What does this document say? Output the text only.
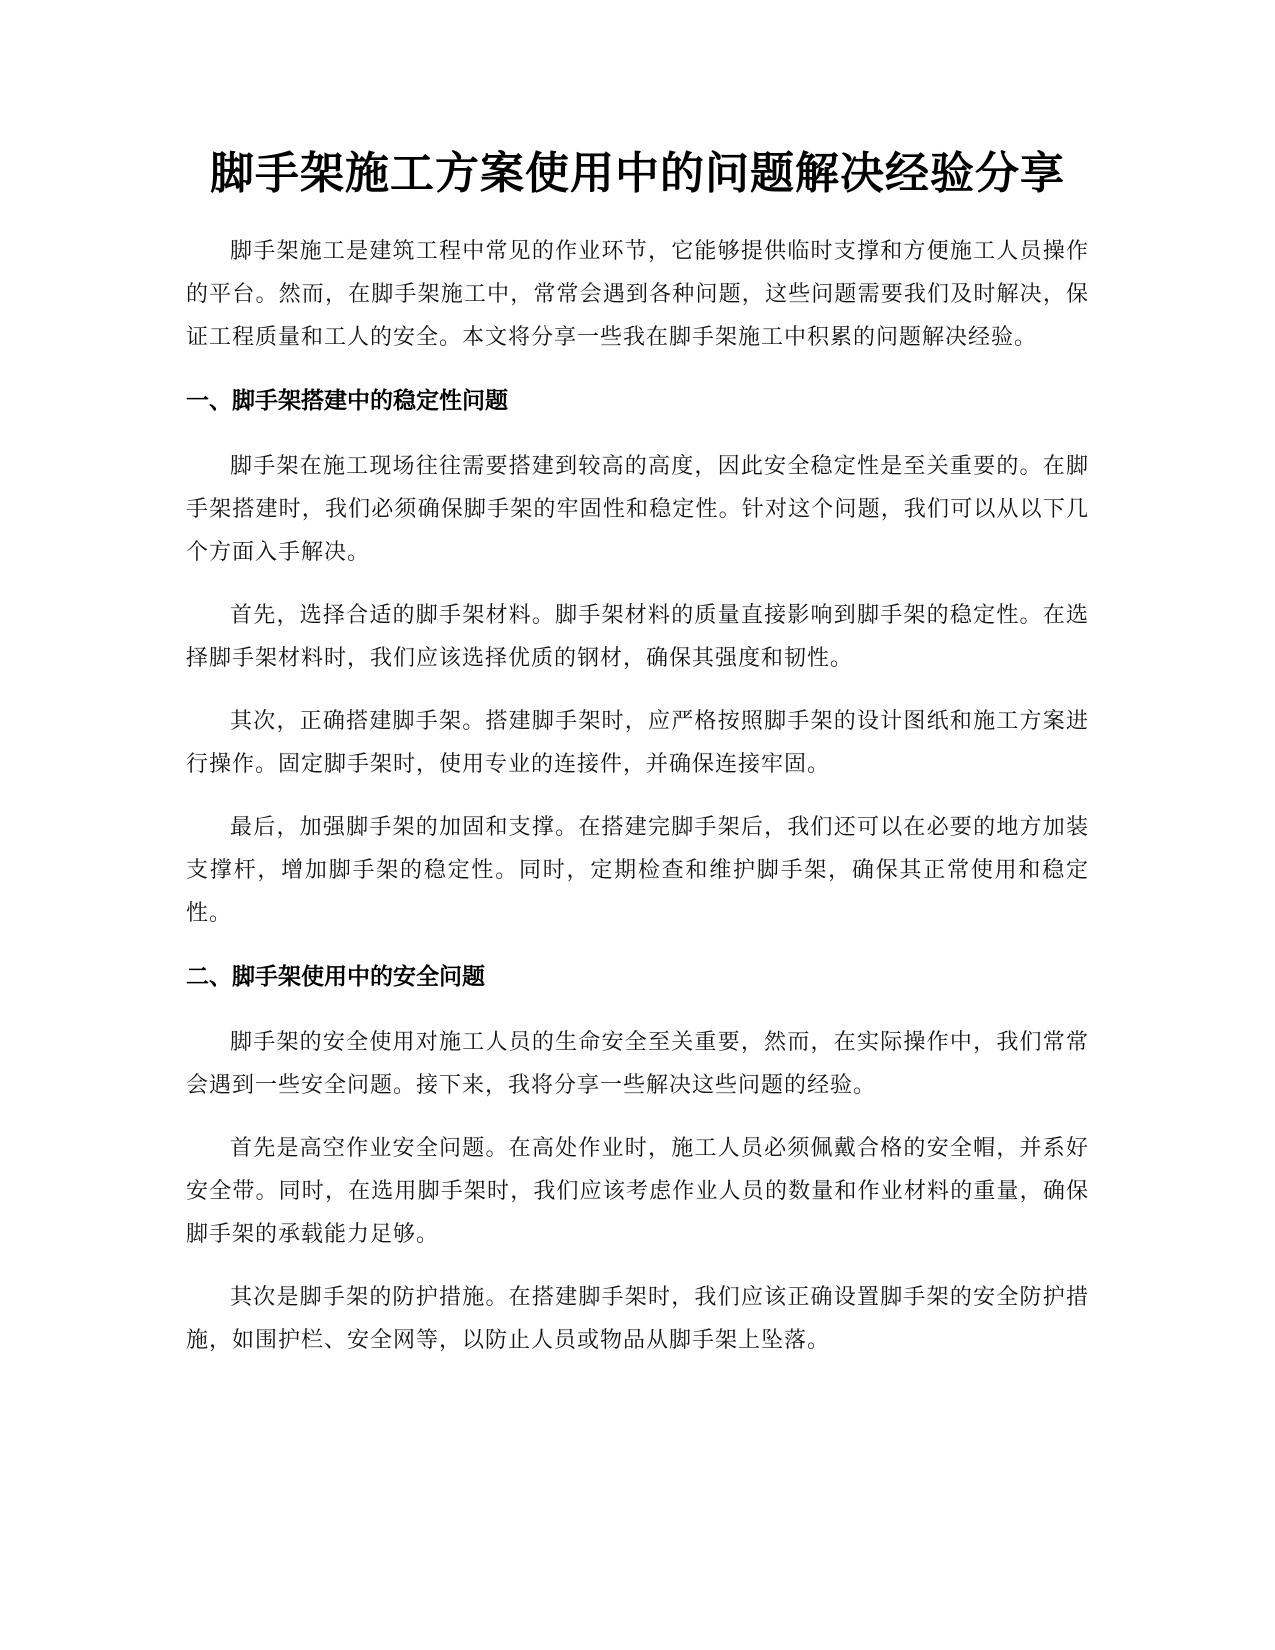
脚手架施工方案使用中的问题解决经验分享

脚手架施工是建筑工程中常见的作业环节，它能够提供临时支撑和方便施工人员操作的平台。然而，在脚手架施工中，常常会遇到各种问题，这些问题需要我们及时解决，保证工程质量和工人的安全。本文将分享一些我在脚手架施工中积累的问题解决经验。

一、脚手架搭建中的稳定性问题

脚手架在施工现场往往需要搭建到较高的高度，因此安全稳定性是至关重要的。在脚手架搭建时，我们必须确保脚手架的牢固性和稳定性。针对这个问题，我们可以从以下几个方面入手解决。

首先，选择合适的脚手架材料。脚手架材料的质量直接影响到脚手架的稳定性。在选择脚手架材料时，我们应该选择优质的钢材，确保其强度和韧性。

其次，正确搭建脚手架。搭建脚手架时，应严格按照脚手架的设计图纸和施工方案进行操作。固定脚手架时，使用专业的连接件，并确保连接牢固。

最后，加强脚手架的加固和支撑。在搭建完脚手架后，我们还可以在必要的地方加装支撑杆，增加脚手架的稳定性。同时，定期检查和维护脚手架，确保其正常使用和稳定性。

二、脚手架使用中的安全问题

脚手架的安全使用对施工人员的生命安全至关重要，然而，在实际操作中，我们常常会遇到一些安全问题。接下来，我将分享一些解决这些问题的经验。

首先是高空作业安全问题。在高处作业时，施工人员必须佩戴合格的安全帽，并系好安全带。同时，在选用脚手架时，我们应该考虑作业人员的数量和作业材料的重量，确保脚手架的承载能力足够。

其次是脚手架的防护措施。在搭建脚手架时，我们应该正确设置脚手架的安全防护措施，如围护栏、安全网等，以防止人员或物品从脚手架上坠落。
